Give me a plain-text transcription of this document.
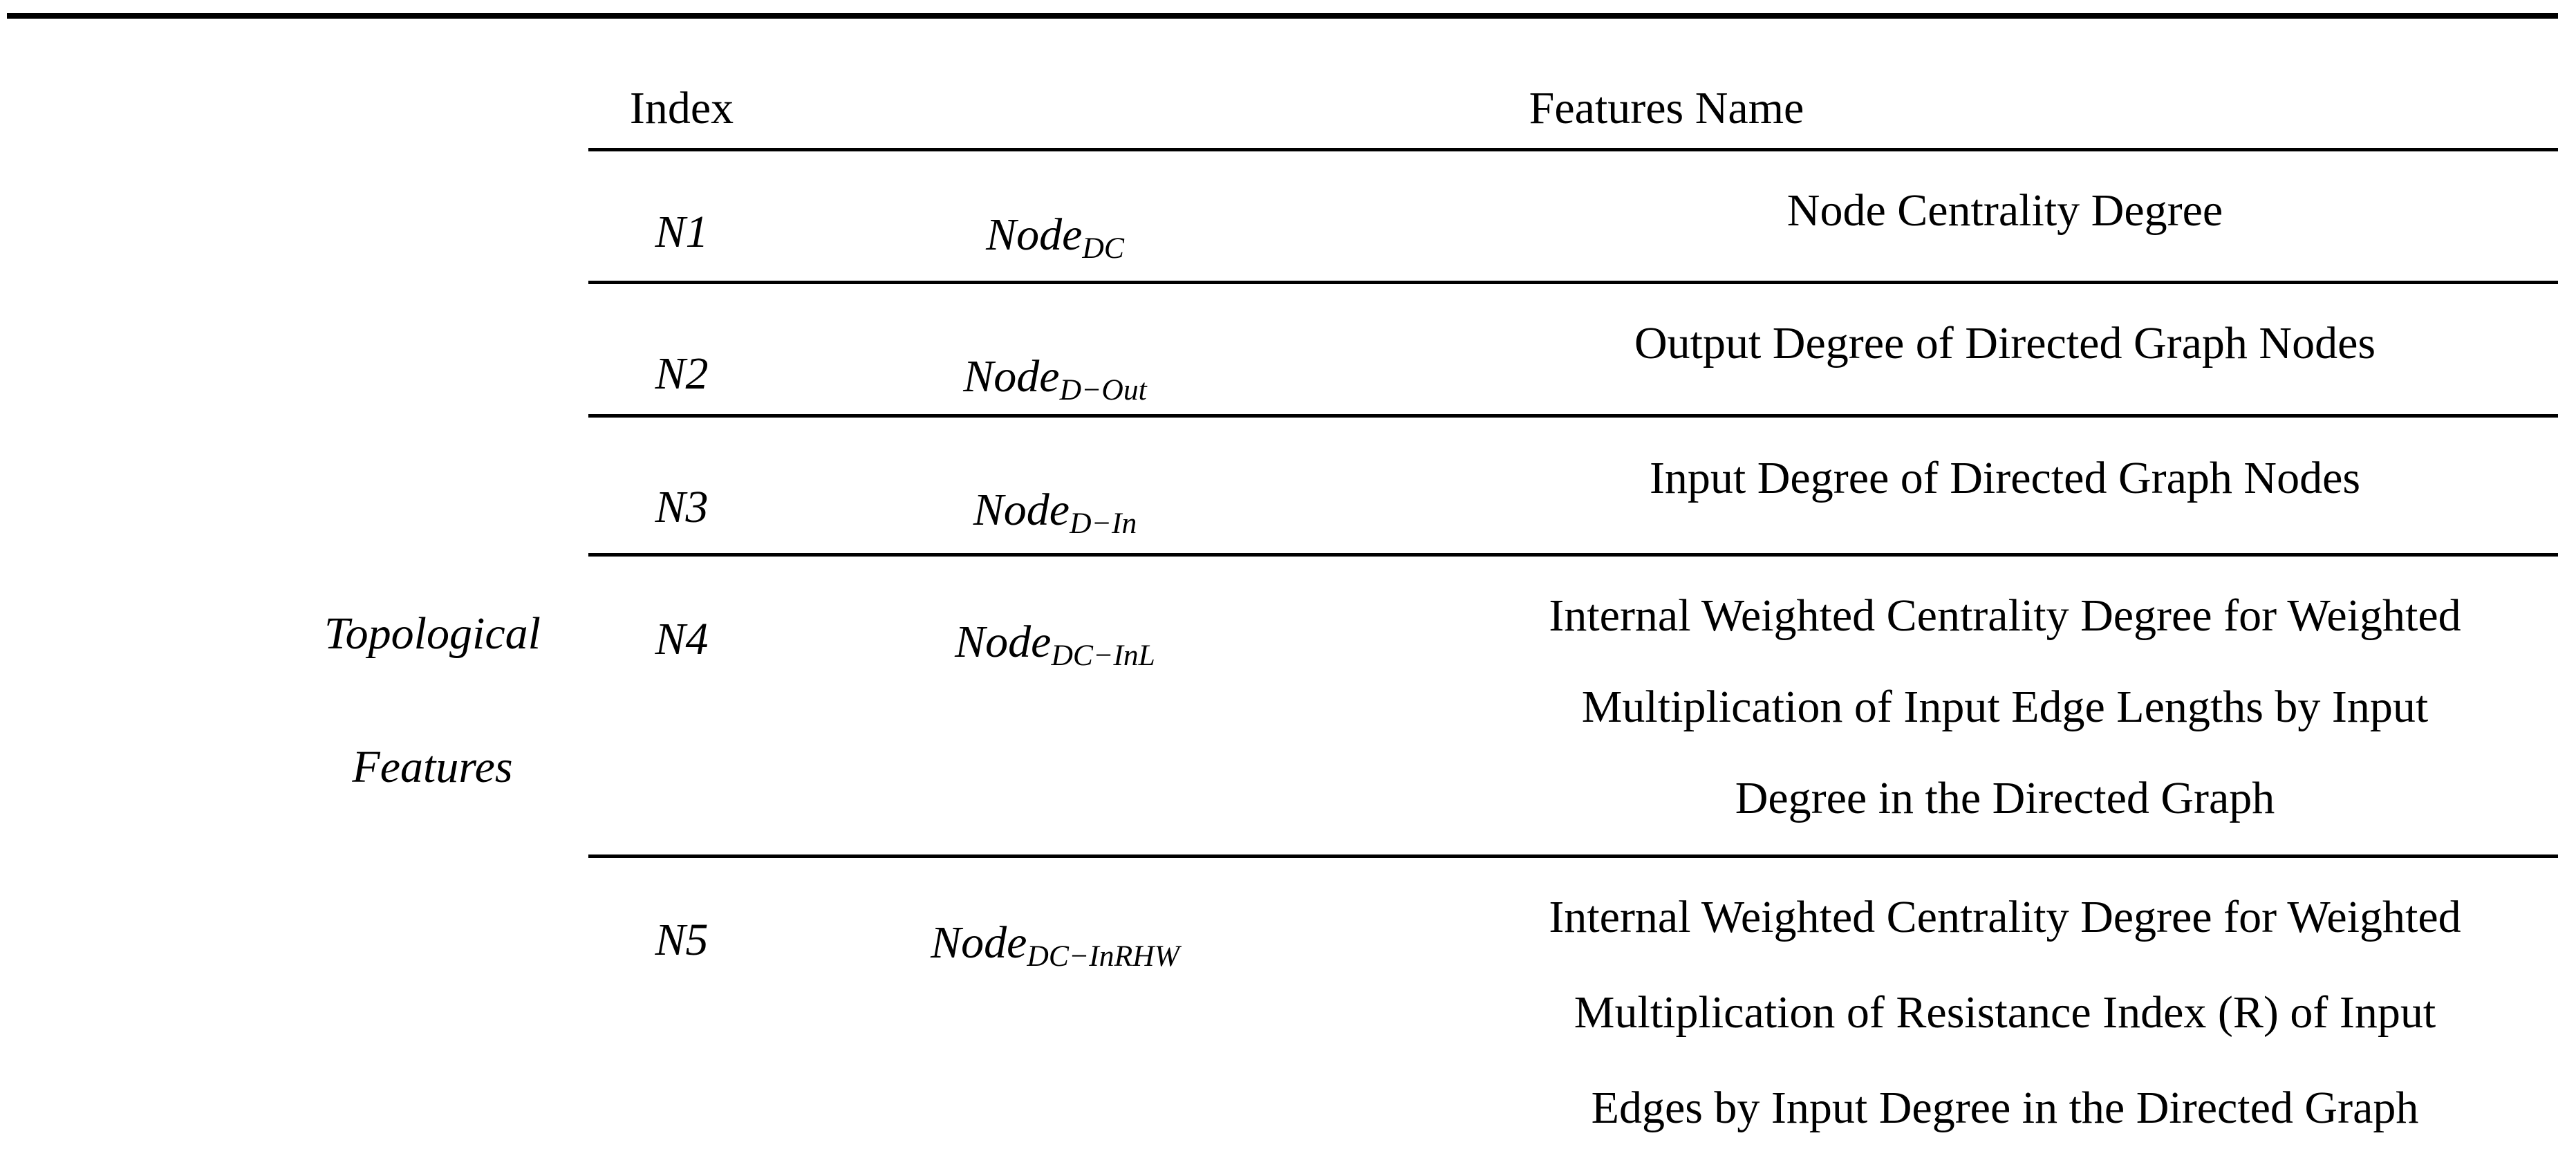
Index	Features Name
Topological
Features
N1	Node$_{DC}$
Node Centrality Degree
N2	Node$_{D-Out}$
Output Degree of Directed Graph Nodes
N3	Node$_{D-In}$
Input Degree of Directed Graph Nodes
N4	Node$_{DC-InL}$
Internal Weighted Centrality Degree for Weighted
Multiplication of Input Edge Lengths by Input
Degree in the Directed Graph
N5	Node$_{DC-InRHW}$
Internal Weighted Centrality Degree for Weighted
Multiplication of Resistance Index (R) of Input
Edges by Input Degree in the Directed Graph
